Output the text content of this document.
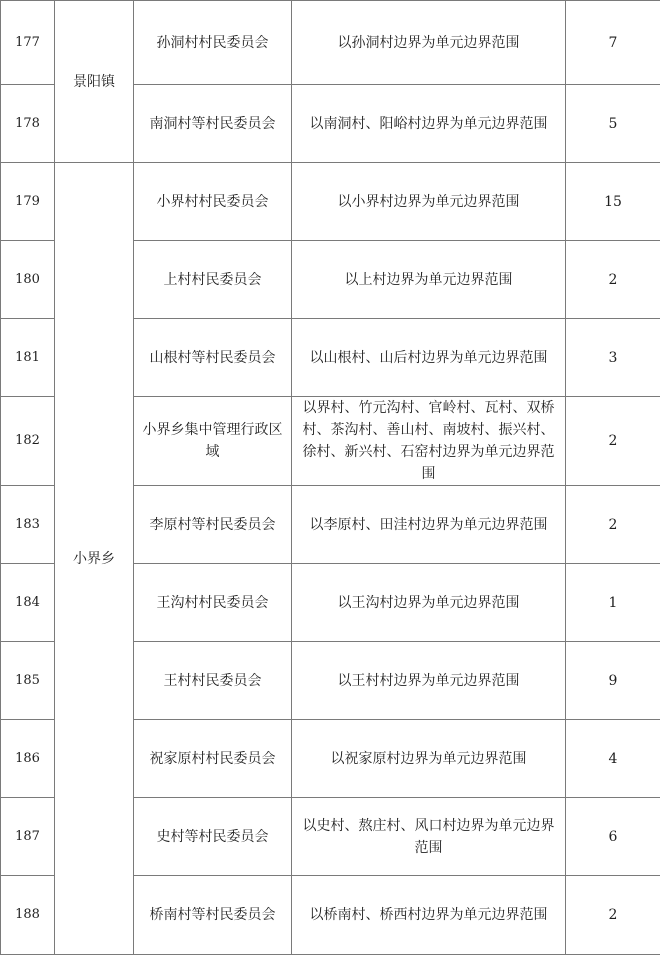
177	景阳镇	孙洞村村民委员会	以孙洞村边界为单元边界范围	7
178		南洞村等村民委员会	以南洞村、阳峪村边界为单元边界范围	5
179	小界乡	小界村村民委员会	以小界村边界为单元边界范围	15
180		上村村民委员会	以上村边界为单元边界范围	2
181		山根村等村民委员会	以山根村、山后村边界为单元边界范围	3
182		小界乡集中管理行政区域	以界村、竹元沟村、官岭村、瓦村、双桥村、茶沟村、善山村、南坡村、振兴村、徐村、新兴村、石窑村边界为单元边界范围	2
183		李原村等村民委员会	以李原村、田洼村边界为单元边界范围	2
184		王沟村村民委员会	以王沟村边界为单元边界范围	1
185		王村村民委员会	以王村村边界为单元边界范围	9
186		祝家原村村民委员会	以祝家原村边界为单元边界范围	4
187		史村等村民委员会	以史村、熬庄村、风口村边界为单元边界范围	6
188		桥南村等村民委员会	以桥南村、桥西村边界为单元边界范围	2
